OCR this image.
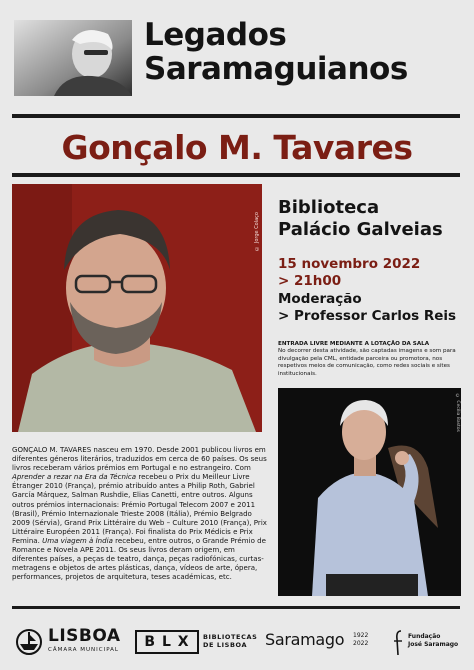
Legados
Saramaguianos
Gonçalo M. Tavares
© Jorge Colaço
Biblioteca
Palácio Galveias
15 novembro 2022
> 21h00
Moderação
> Professor Carlos Reis
ENTRADA LIVRE MEDIANTE A LOTAÇÃO DA SALA
No decorrer desta atividade, são captadas imagens e som para divulgação pela CML, entidade parceira ou promotora, nos respetivos meios de comunicação, como redes sociais e sites institucionais.
© Cecília Bastos
GONÇALO M. TAVARES nasceu em 1970. Desde 2001 publicou livros em diferentes géneros literários, traduzidos em cerca de 60 países. Os seus livros receberam vários prémios em Portugal e no estrangeiro. Com Aprender a rezar na Era da Técnica recebeu o Prix du Meilleur Livre Étranger 2010 (França), prémio atribuído antes a Philip Roth, Gabriel García Márquez, Salman Rushdie, Elias Canetti, entre outros. Alguns outros prémios internacionais: Prémio Portugal Telecom 2007 e 2011 (Brasil), Prémio Internazionale Trieste 2008 (Itália), Prémio Belgrado 2009 (Sérvia), Grand Prix Littéraire du Web – Culture 2010 (França), Prix Littéraire Européen 2011 (França). Foi finalista do Prix Médicis e Prix Femina. Uma viagem à Índia recebeu, entre outros, o Grande Prémio de Romance e Novela APE 2011. Os seus livros deram origem, em diferentes países, a peças de teatro, dança, peças radiofónicas, curtas-metragens e objetos de artes plásticas, dança, vídeos de arte, ópera, performances, projetos de arquitetura, teses académicas, etc.
LISBOA
CÂMARA MUNICIPAL	B L X	BIBLIOTECAS
DE LISBOA	Saramago 1922
2022
Fundação
José Saramago
